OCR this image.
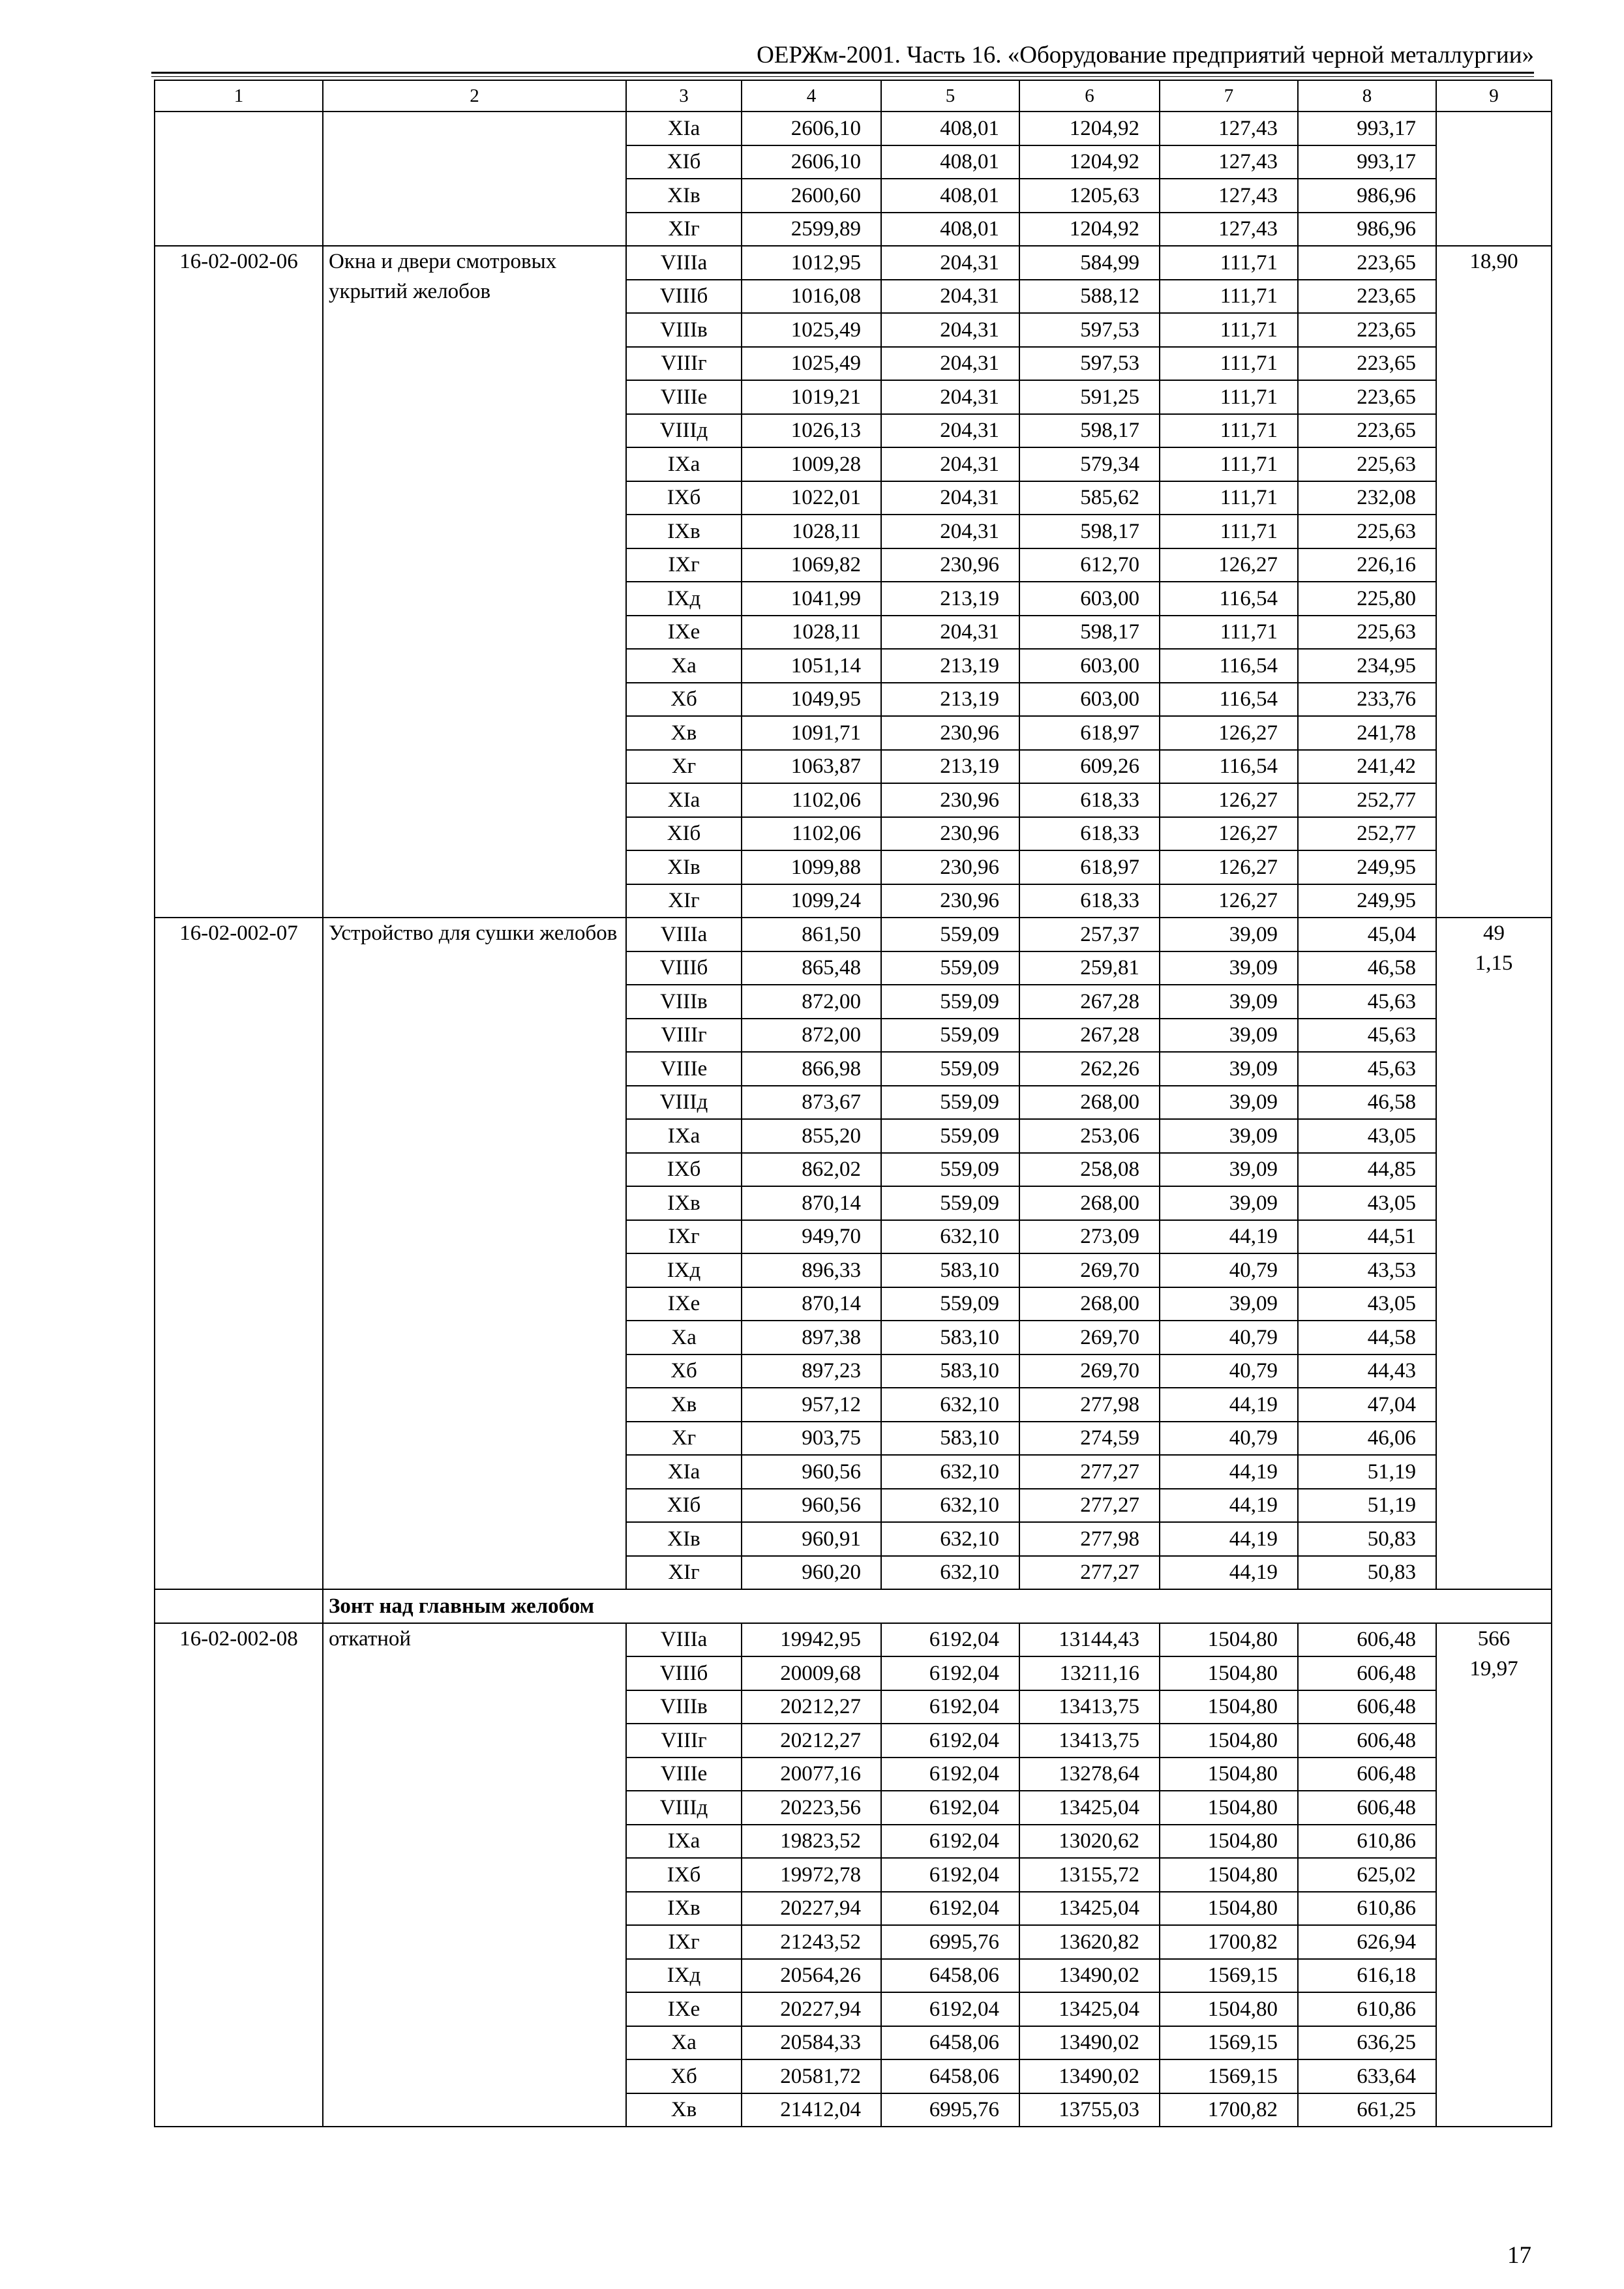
ОЕРЖм-2001. Часть 16. «Оборудование предприятий черной металлургии»
1	2	3	4	5	6	7	8	9
		XIа	2606,10	408,01	1204,92	127,43	993,17	
		XIб	2606,10	408,01	1204,92	127,43	993,17	
		XIв	2600,60	408,01	1205,63	127,43	986,96	
		XIг	2599,89	408,01	1204,92	127,43	986,96	
16-02-002-06	Окна и двери смотровых укрытий желобов	VIIIа	1012,95	204,31	584,99	111,71	223,65	18,90

		VIIIб	1016,08	204,31	588,12	111,71	223,65	
		VIIIв	1025,49	204,31	597,53	111,71	223,65	
		VIIIг	1025,49	204,31	597,53	111,71	223,65	
		VIIIе	1019,21	204,31	591,25	111,71	223,65	
		VIIIд	1026,13	204,31	598,17	111,71	223,65	
		IXа	1009,28	204,31	579,34	111,71	225,63	
		IXб	1022,01	204,31	585,62	111,71	232,08	
		IXв	1028,11	204,31	598,17	111,71	225,63	
		IXг	1069,82	230,96	612,70	126,27	226,16	
		IXд	1041,99	213,19	603,00	116,54	225,80	
		IXе	1028,11	204,31	598,17	111,71	225,63	
		Xа	1051,14	213,19	603,00	116,54	234,95	
		Xб	1049,95	213,19	603,00	116,54	233,76	
		Xв	1091,71	230,96	618,97	126,27	241,78	
		Xг	1063,87	213,19	609,26	116,54	241,42	
		XIа	1102,06	230,96	618,33	126,27	252,77	
		XIб	1102,06	230,96	618,33	126,27	252,77	
		XIв	1099,88	230,96	618,97	126,27	249,95	
		XIг	1099,24	230,96	618,33	126,27	249,95	
16-02-002-07	Устройство для сушки желобов	VIIIа	861,50	559,09	257,37	39,09	45,04	49
1,15

		VIIIб	865,48	559,09	259,81	39,09	46,58	
		VIIIв	872,00	559,09	267,28	39,09	45,63	
		VIIIг	872,00	559,09	267,28	39,09	45,63	
		VIIIе	866,98	559,09	262,26	39,09	45,63	
		VIIIд	873,67	559,09	268,00	39,09	46,58	
		IXа	855,20	559,09	253,06	39,09	43,05	
		IXб	862,02	559,09	258,08	39,09	44,85	
		IXв	870,14	559,09	268,00	39,09	43,05	
		IXг	949,70	632,10	273,09	44,19	44,51	
		IXд	896,33	583,10	269,70	40,79	43,53	
		IXе	870,14	559,09	268,00	39,09	43,05	
		Xа	897,38	583,10	269,70	40,79	44,58	
		Xб	897,23	583,10	269,70	40,79	44,43	
		Xв	957,12	632,10	277,98	44,19	47,04	
		Xг	903,75	583,10	274,59	40,79	46,06	
		XIа	960,56	632,10	277,27	44,19	51,19	
		XIб	960,56	632,10	277,27	44,19	51,19	
		XIв	960,91	632,10	277,98	44,19	50,83	
		XIг	960,20	632,10	277,27	44,19	50,83	
	Зонт над главным желобом							
16-02-002-08	откатной	VIIIа	19942,95	6192,04	13144,43	1504,80	606,48	566
19,97

		VIIIб	20009,68	6192,04	13211,16	1504,80	606,48	
		VIIIв	20212,27	6192,04	13413,75	1504,80	606,48	
		VIIIг	20212,27	6192,04	13413,75	1504,80	606,48	
		VIIIе	20077,16	6192,04	13278,64	1504,80	606,48	
		VIIIд	20223,56	6192,04	13425,04	1504,80	606,48	
		IXа	19823,52	6192,04	13020,62	1504,80	610,86	
		IXб	19972,78	6192,04	13155,72	1504,80	625,02	
		IXв	20227,94	6192,04	13425,04	1504,80	610,86	
		IXг	21243,52	6995,76	13620,82	1700,82	626,94	
		IXд	20564,26	6458,06	13490,02	1569,15	616,18	
		IXе	20227,94	6192,04	13425,04	1504,80	610,86	
		Xа	20584,33	6458,06	13490,02	1569,15	636,25	
		Xб	20581,72	6458,06	13490,02	1569,15	633,64	
		Xв	21412,04	6995,76	13755,03	1700,82	661,25	
17
